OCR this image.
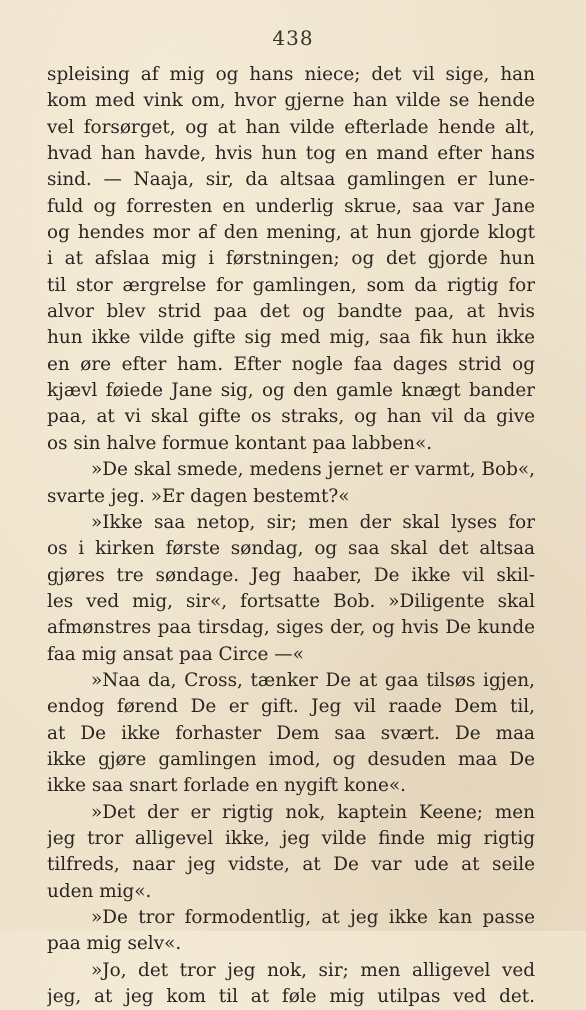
438
spleising af mig og hans niece; det vil sige, han
kom med vink om, hvor gjerne han vilde se hende
vel forsørget, og at han vilde efterlade hende alt,
hvad han havde, hvis hun tog en mand efter hans
sind. — Naaja, sir, da altsaa gamlingen er lune-
fuld og forresten en underlig skrue, saa var Jane
og hendes mor af den mening, at hun gjorde klogt
i at afslaa mig i førstningen; og det gjorde hun
til stor ærgrelse for gamlingen, som da rigtig for
alvor blev strid paa det og bandte paa, at hvis
hun ikke vilde gifte sig med mig, saa fik hun ikke
en øre efter ham. Efter nogle faa dages strid og
kjævl føiede Jane sig, og den gamle knægt bander
paa, at vi skal gifte os straks, og han vil da give
os sin halve formue kontant paa labben«.
»De skal smede, medens jernet er varmt, Bob«,
svarte jeg. »Er dagen bestemt?«
»Ikke saa netop, sir; men der skal lyses for
os i kirken første søndag, og saa skal det altsaa
gjøres tre søndage. Jeg haaber, De ikke vil skil-
les ved mig, sir«, fortsatte Bob. »Diligente skal
afmønstres paa tirsdag, siges der, og hvis De kunde
faa mig ansat paa Circe —«
»Naa da, Cross, tænker De at gaa tilsøs igjen,
endog førend De er gift. Jeg vil raade Dem til,
at De ikke forhaster Dem saa svært. De maa
ikke gjøre gamlingen imod, og desuden maa De
ikke saa snart forlade en nygift kone«.
»Det der er rigtig nok, kaptein Keene; men
jeg tror alligevel ikke, jeg vilde finde mig rigtig
tilfreds, naar jeg vidste, at De var ude at seile
uden mig«.
»De tror formodentlig, at jeg ikke kan passe
paa mig selv«.
»Jo, det tror jeg nok, sir; men alligevel ved
jeg, at jeg kom til at føle mig utilpas ved det.
